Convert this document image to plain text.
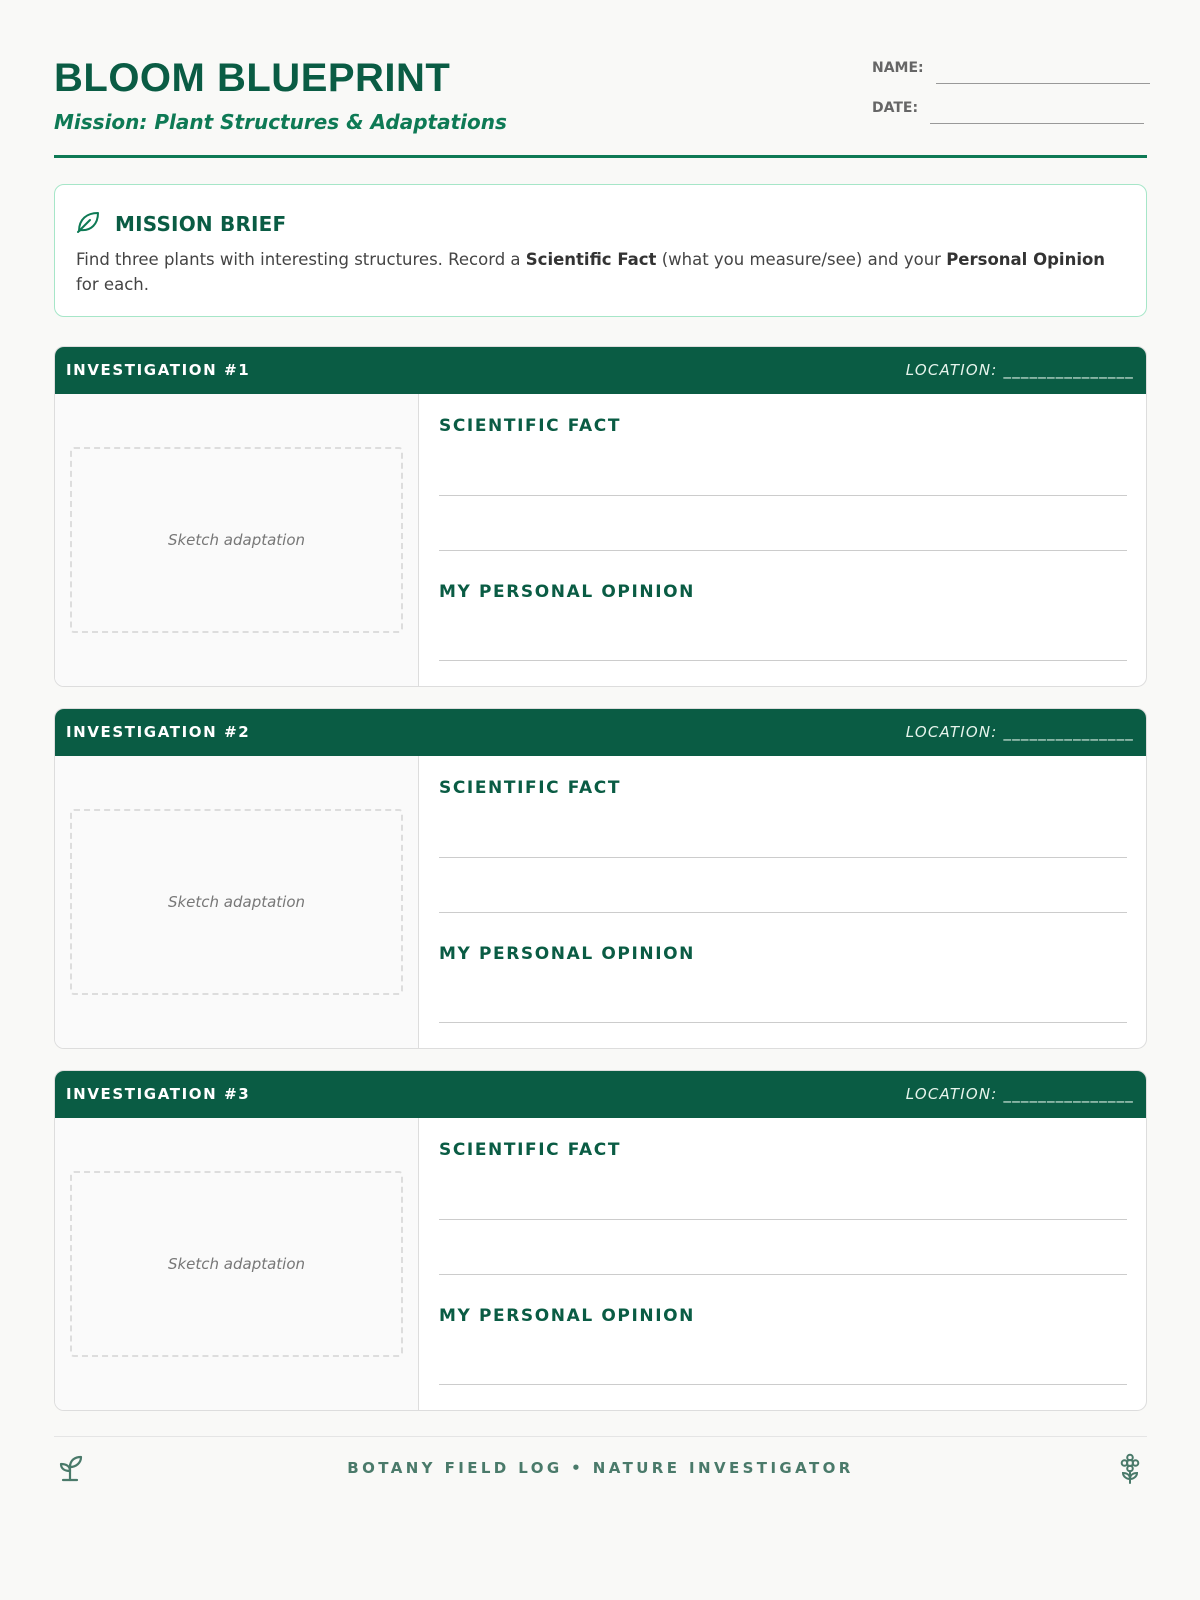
BLOOM BLUEPRINT
Mission: Plant Structures & Adaptations
NAME:
DATE:
MISSION BRIEF
Find three plants with interesting structures. Record a Scientific Fact (what you measure/see) and your Personal Opinion for each.
INVESTIGATION #1	LOCATION: _______________
Sketch adaptation
SCIENTIFIC FACT
MY PERSONAL OPINION
INVESTIGATION #2	LOCATION: _______________
Sketch adaptation
SCIENTIFIC FACT
MY PERSONAL OPINION
INVESTIGATION #3	LOCATION: _______________
Sketch adaptation
SCIENTIFIC FACT
MY PERSONAL OPINION
BOTANY FIELD LOG • NATURE INVESTIGATOR
